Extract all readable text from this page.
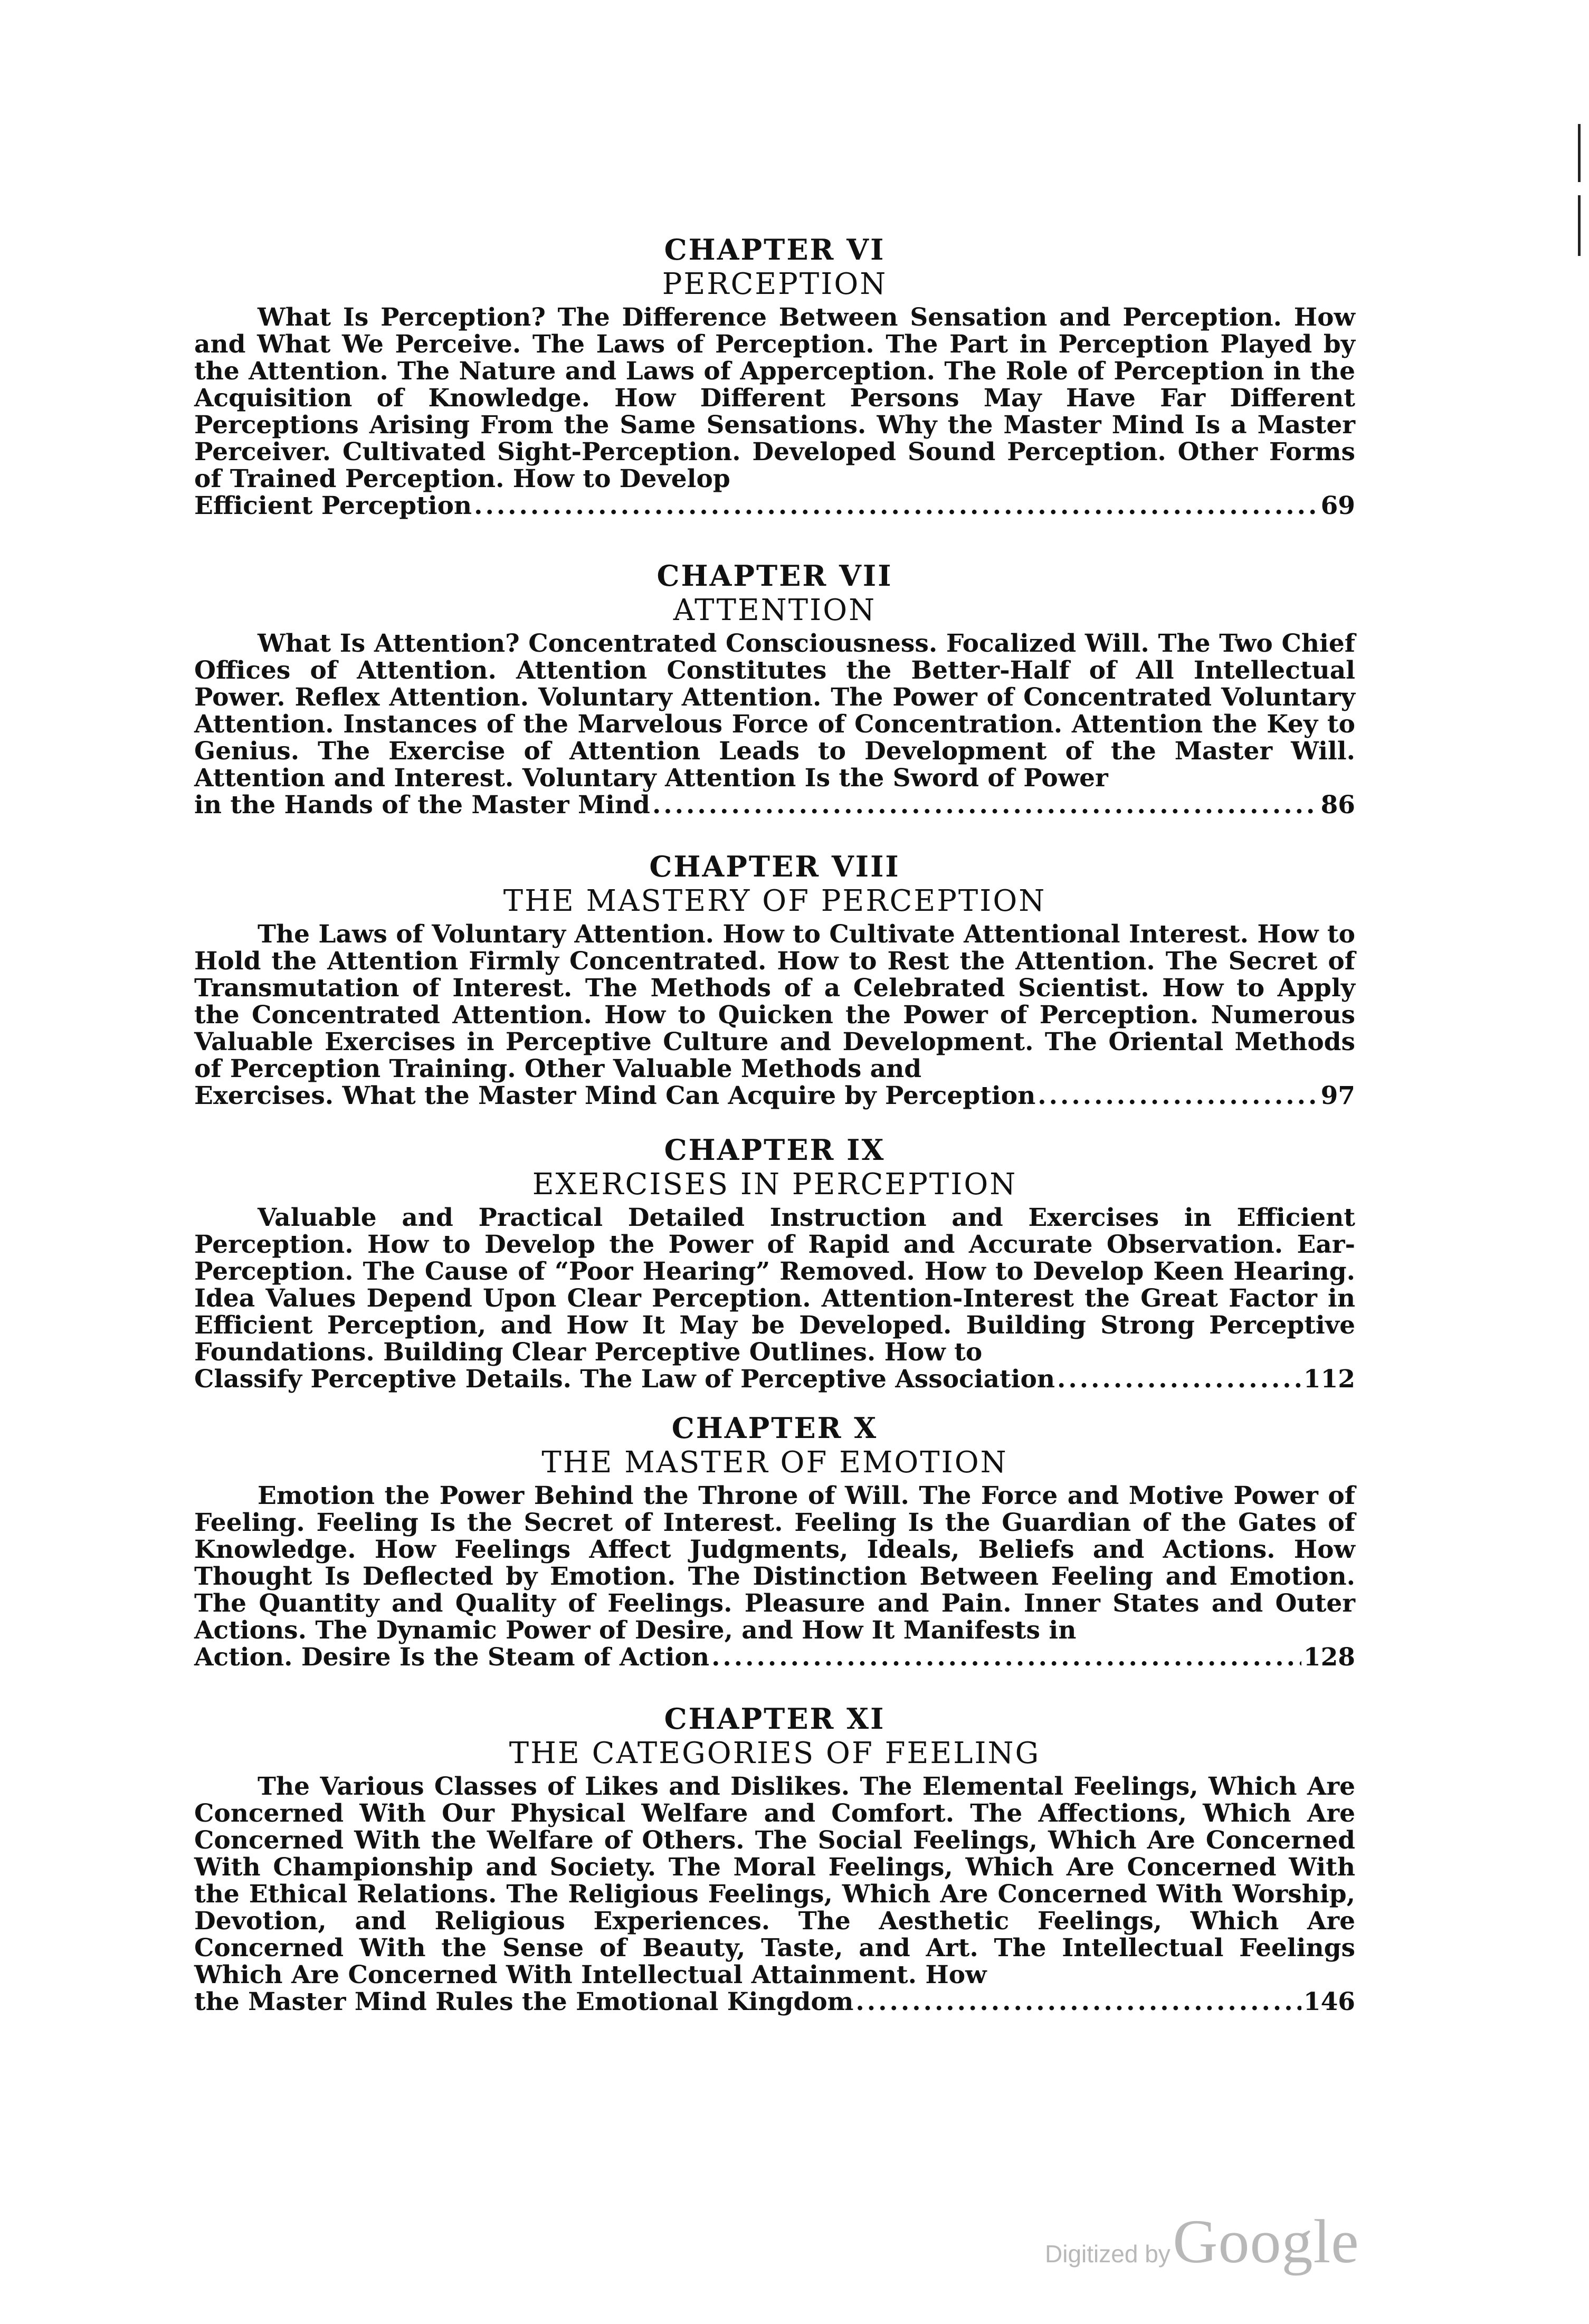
CHAPTER VI

PERCEPTION

What Is Perception? The Difference Between Sensation and Perception. How and What We Perceive. The Laws of Perception. The Part in Perception Played by the Attention. The Nature and Laws of Apperception. The Role of Perception in the Acquisition of Knowledge. How Different Persons May Have Far Different Perceptions Arising From the Same Sensations. Why the Master Mind Is a Master Perceiver. Cultivated Sight-Perception. Developed Sound Perception. Other Forms of Trained Perception. How to Develop
Efficient Perception .....	69

CHAPTER VII

ATTENTION

What Is Attention? Concentrated Consciousness. Focalized Will. The Two Chief Offices of Attention. Attention Constitutes the Better-Half of All Intellectual Power. Reflex Attention. Voluntary Attention. The Power of Concentrated Voluntary Attention. Instances of the Marvelous Force of Concentration. Attention the Key to Genius. The Exercise of Attention Leads to Development of the Master Will. Attention and Interest. Voluntary Attention Is the Sword of Power
in the Hands of the Master Mind .....	86

CHAPTER VIII

THE MASTERY OF PERCEPTION

The Laws of Voluntary Attention. How to Cultivate Attentional Interest. How to Hold the Attention Firmly Concentrated. How to Rest the Attention. The Secret of Transmutation of Interest. The Methods of a Celebrated Scientist. How to Apply the Concentrated Attention. How to Quicken the Power of Perception. Numerous Valuable Exercises in Perceptive Culture and Development. The Oriental Methods of Perception Training. Other Valuable Methods and
Exercises. What the Master Mind Can Acquire by Perception .....	97

CHAPTER IX

EXERCISES IN PERCEPTION

Valuable and Practical Detailed Instruction and Exercises in Efficient Perception. How to Develop the Power of Rapid and Accurate Observation. Ear-Perception. The Cause of “Poor Hearing” Removed. How to Develop Keen Hearing. Idea Values Depend Upon Clear Perception. Attention-Interest the Great Factor in Efficient Perception, and How It May be Developed. Building Strong Perceptive Foundations. Building Clear Perceptive Outlines. How to
Classify Perceptive Details. The Law of Perceptive Association .....	112

CHAPTER X

THE MASTER OF EMOTION

Emotion the Power Behind the Throne of Will. The Force and Motive Power of Feeling. Feeling Is the Secret of Interest. Feeling Is the Guardian of the Gates of Knowledge. How Feelings Affect Judgments, Ideals, Beliefs and Actions. How Thought Is Deflected by Emotion. The Distinction Between Feeling and Emotion. The Quantity and Quality of Feelings. Pleasure and Pain. Inner States and Outer Actions. The Dynamic Power of Desire, and How It Manifests in
Action. Desire Is the Steam of Action .....	128

CHAPTER XI

THE CATEGORIES OF FEELING

The Various Classes of Likes and Dislikes. The Elemental Feelings, Which Are Concerned With Our Physical Welfare and Comfort. The Affections, Which Are Concerned With the Welfare of Others. The Social Feelings, Which Are Concerned With Championship and Society. The Moral Feelings, Which Are Concerned With the Ethical Relations. The Religious Feelings, Which Are Concerned With Worship, Devotion, and Religious Experiences. The Aesthetic Feelings, Which Are Concerned With the Sense of Beauty, Taste, and Art. The Intellectual Feelings Which Are Concerned With Intellectual Attainment. How
the Master Mind Rules the Emotional Kingdom .....	146
Digitized by Google
